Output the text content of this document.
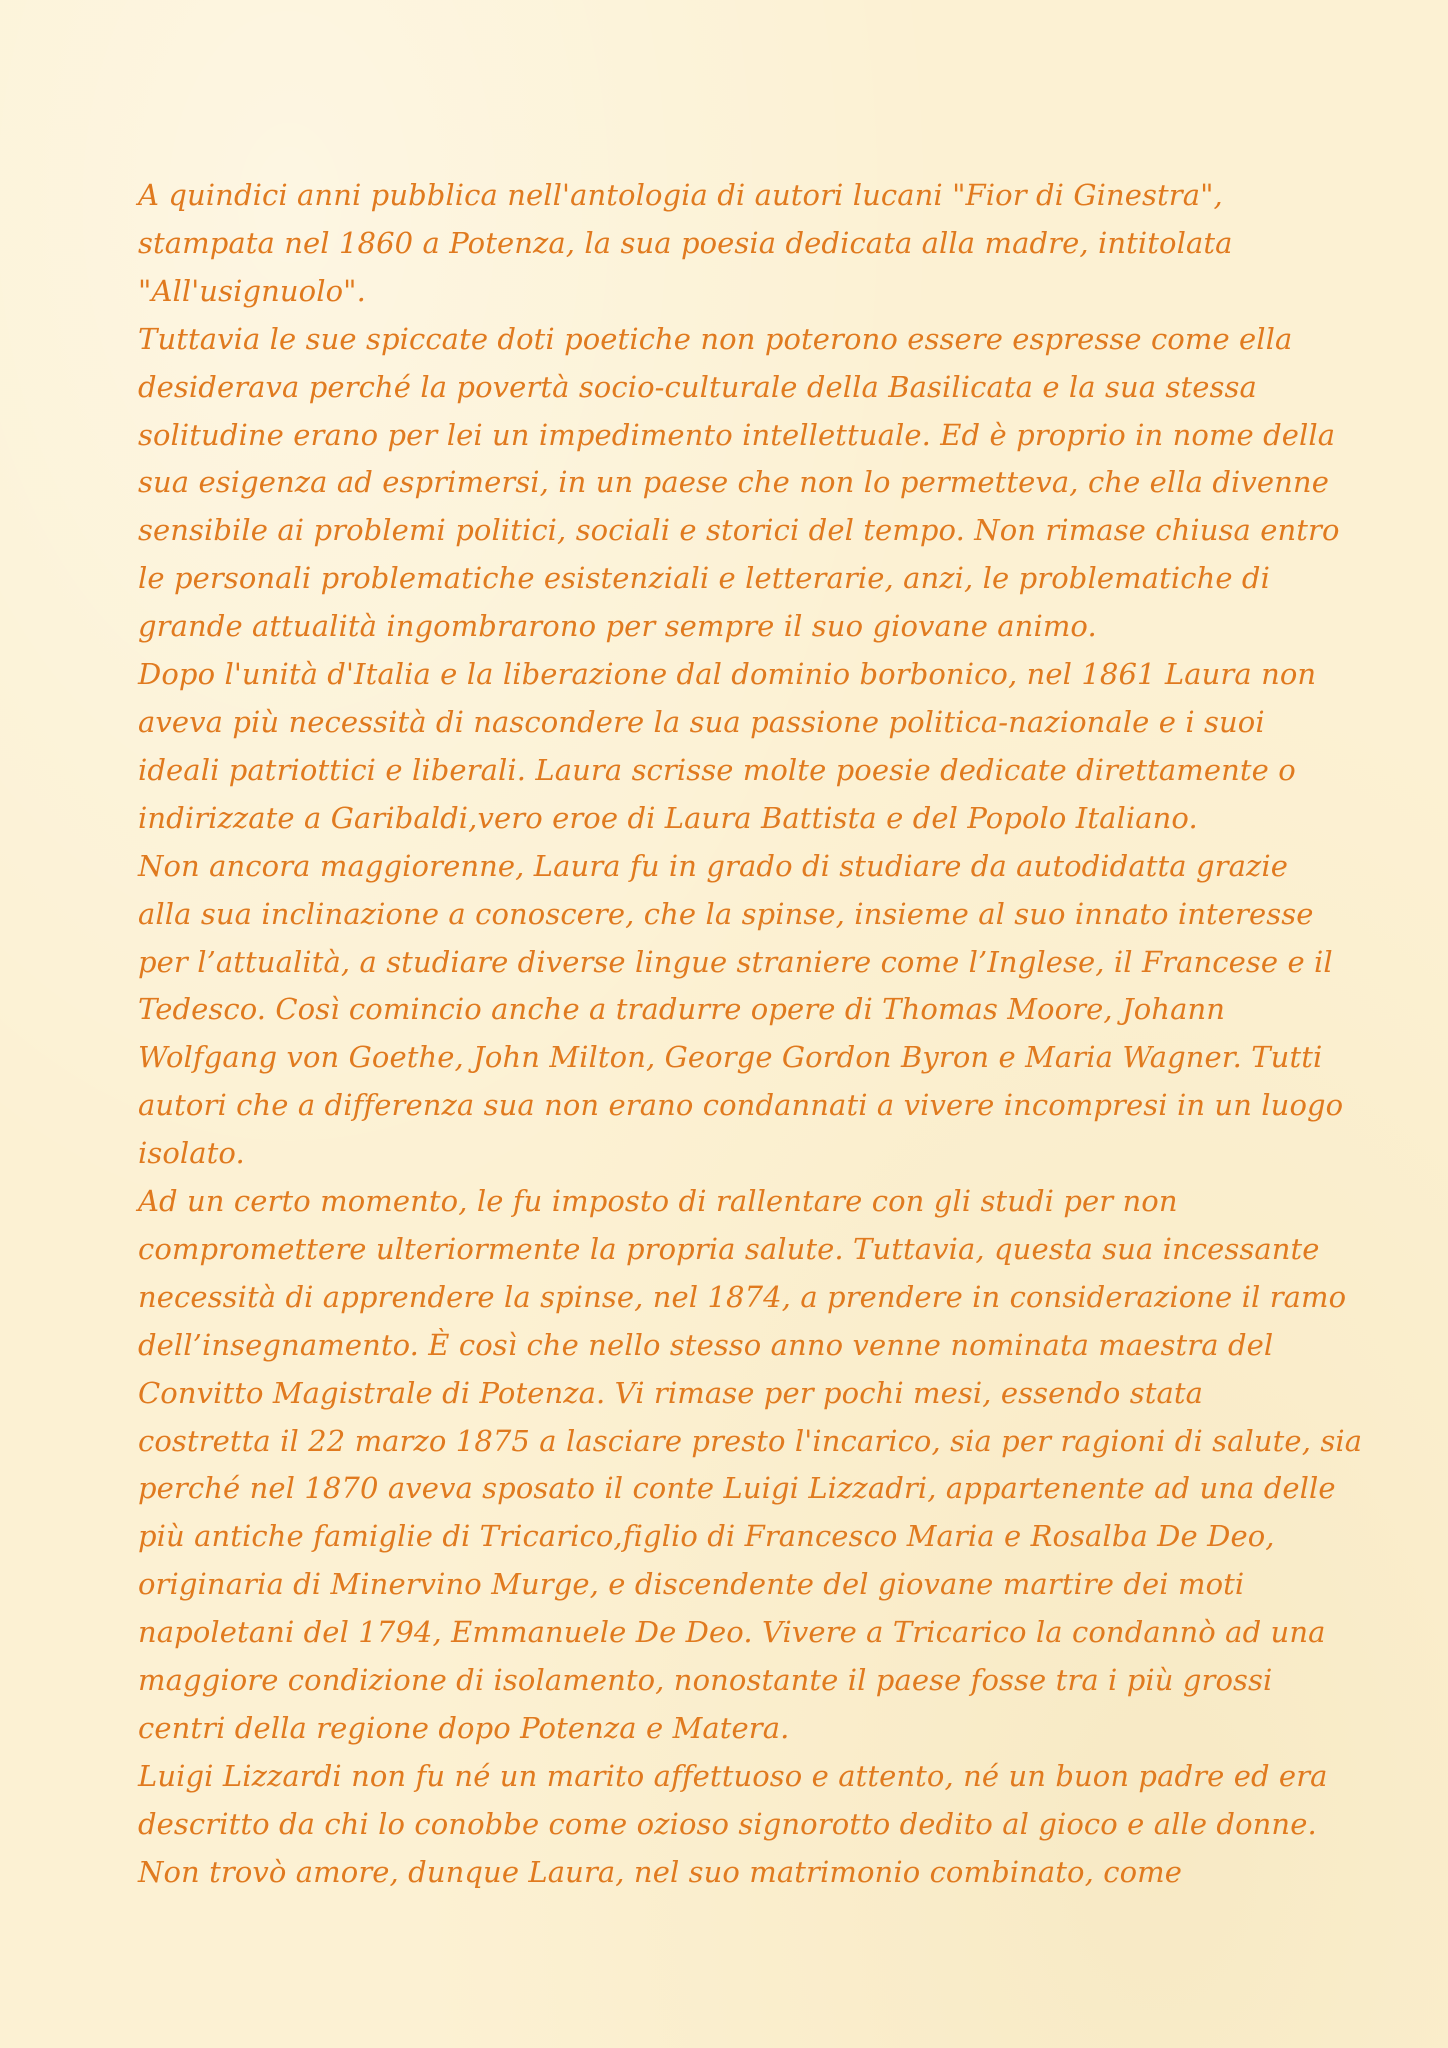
A quindici anni pubblica nell'antologia di autori lucani "Fior di Ginestra",
stampata nel 1860 a Potenza, la sua poesia dedicata alla madre, intitolata
"All'usignuolo".
Tuttavia le sue spiccate doti poetiche non poterono essere espresse come ella
desiderava perché la povertà socio-culturale della Basilicata e la sua stessa
solitudine erano per lei un impedimento intellettuale. Ed è proprio in nome della
sua esigenza ad esprimersi, in un paese che non lo permetteva, che ella divenne
sensibile ai problemi politici, sociali e storici del tempo. Non rimase chiusa entro
le personali problematiche esistenziali e letterarie, anzi, le problematiche di
grande attualità ingombrarono per sempre il suo giovane animo.
Dopo l'unità d'Italia e la liberazione dal dominio borbonico, nel 1861 Laura non
aveva più necessità di nascondere la sua passione politica-nazionale e i suoi
ideali patriottici e liberali. Laura scrisse molte poesie dedicate direttamente o
indirizzate a Garibaldi,vero eroe di Laura Battista e del Popolo Italiano.
Non ancora maggiorenne, Laura fu in grado di studiare da autodidatta grazie
alla sua inclinazione a conoscere, che la spinse, insieme al suo innato interesse
per l’attualità, a studiare diverse lingue straniere come l’Inglese, il Francese e il
Tedesco. Così comincio anche a tradurre opere di Thomas Moore, Johann
Wolfgang von Goethe, John Milton, George Gordon Byron e Maria Wagner. Tutti
autori che a differenza sua non erano condannati a vivere incompresi in un luogo
isolato.
Ad un certo momento, le fu imposto di rallentare con gli studi per non
compromettere ulteriormente la propria salute. Tuttavia, questa sua incessante
necessità di apprendere la spinse, nel 1874, a prendere in considerazione il ramo
dell’insegnamento. È così che nello stesso anno venne nominata maestra del
Convitto Magistrale di Potenza. Vi rimase per pochi mesi, essendo stata
costretta il 22 marzo 1875 a lasciare presto l'incarico, sia per ragioni di salute, sia
perché nel 1870 aveva sposato il conte Luigi Lizzadri, appartenente ad una delle
più antiche famiglie di Tricarico,figlio di Francesco Maria e Rosalba De Deo,
originaria di Minervino Murge, e discendente del giovane martire dei moti
napoletani del 1794, Emmanuele De Deo. Vivere a Tricarico la condannò ad una
maggiore condizione di isolamento, nonostante il paese fosse tra i più grossi
centri della regione dopo Potenza e Matera.
Luigi Lizzardi non fu né un marito affettuoso e attento, né un buon padre ed era
descritto da chi lo conobbe come ozioso signorotto dedito al gioco e alle donne.
Non trovò amore, dunque Laura, nel suo matrimonio combinato, come
